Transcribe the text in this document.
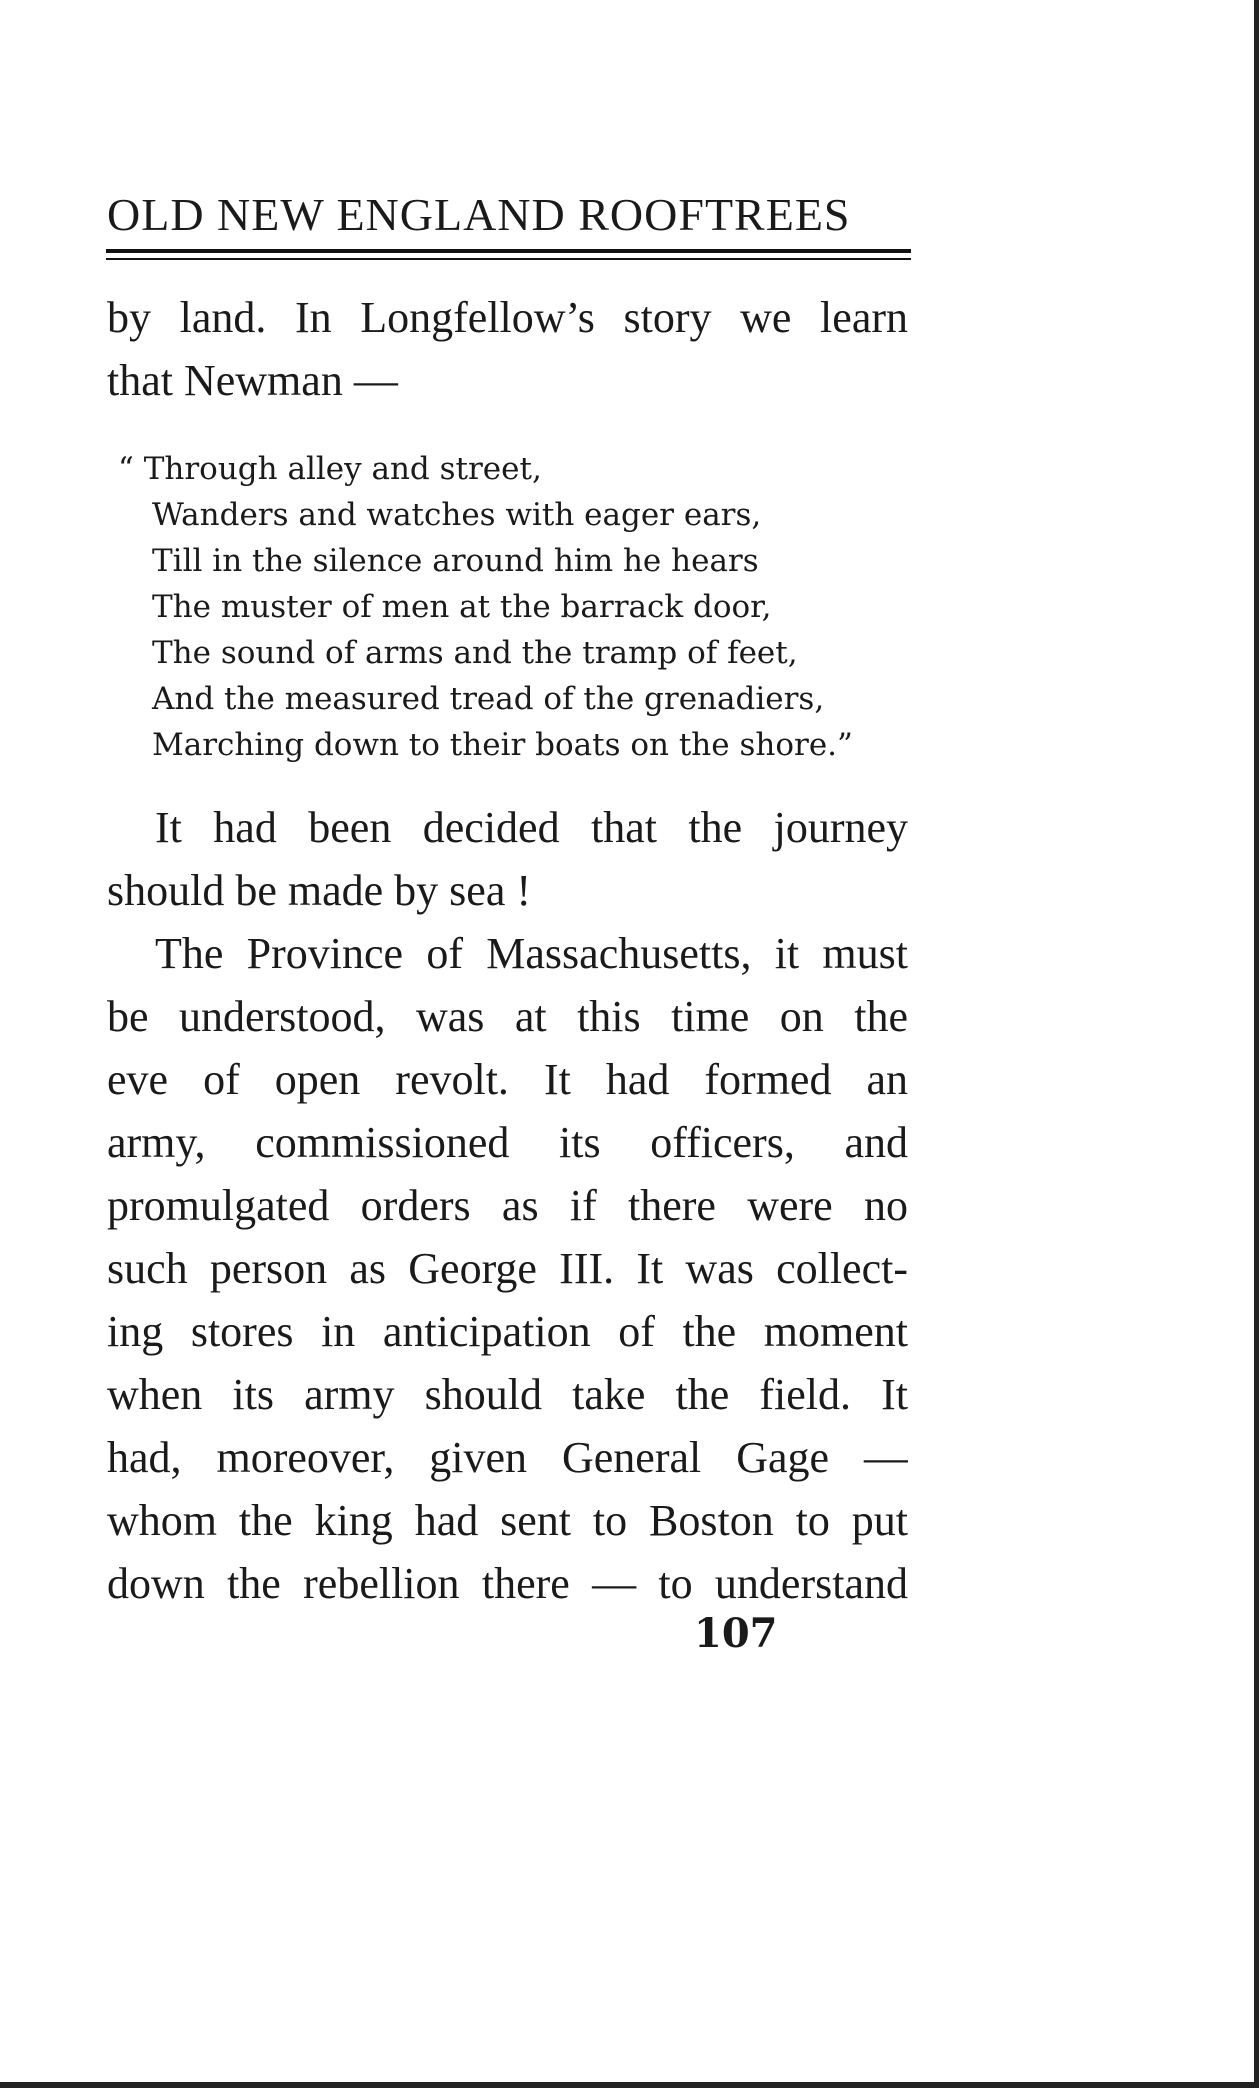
OLD NEW ENGLAND ROOFTREES
by land. In Longfellow’s story we learn
that Newman —
“ Through alley and street,
Wanders and watches with eager ears,
Till in the silence around him he hears
The muster of men at the barrack door,
The sound of arms and the tramp of feet,
And the measured tread of the grenadiers,
Marching down to their boats on the shore.”
It had been decided that the journey
should be made by sea !
The Province of Massachusetts, it must
be understood, was at this time on the
eve of open revolt. It had formed an
army, commissioned its officers, and
promulgated orders as if there were no
such person as George III. It was collect-
ing stores in anticipation of the moment
when its army should take the field. It
had, moreover, given General Gage —
whom the king had sent to Boston to put
down the rebellion there — to understand
107
